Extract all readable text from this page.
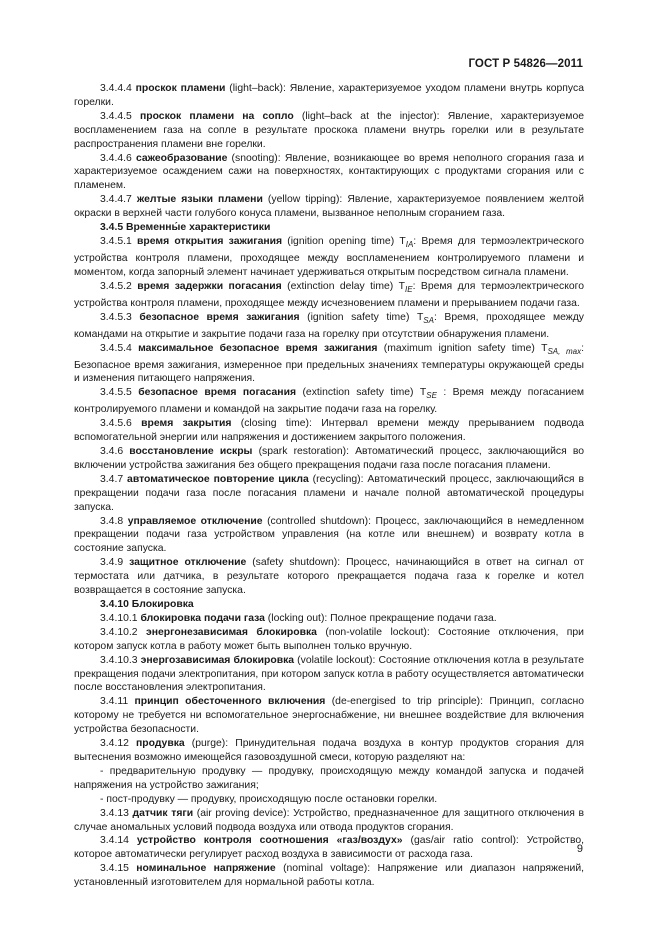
ГОСТ Р 54826—2011

3.4.4.4 проскок пламени (light–back): Явление, характеризуемое уходом пламени внутрь корпуса горелки.

3.4.4.5 проскок пламени на сопло (light–back at the injector): Явление, характеризуемое воспламенением газа на сопле в результате проскока пламени внутрь горелки или в результате распространения пламени вне горелки.

3.4.4.6 сажеобразование (snooting): Явление, возникающее во время неполного сгорания газа и характеризуемое осаждением сажи на поверхностях, контактирующих с продуктами сгорания или с пламенем.

3.4.4.7 желтые языки пламени (yellow tipping): Явление, характеризуемое появлением желтой окраски в верхней части голубого конуса пламени, вызванное неполным сгоранием газа.

3.4.5 Временны́е характеристики

3.4.5.1 время открытия зажигания (ignition opening time) $T_{IA}$: Время для термоэлектрического устройства контроля пламени, проходящее между воспламенением контролируемого пламени и моментом, когда запорный элемент начинает удерживаться открытым посредством сигнала пламени.

3.4.5.2 время задержки погасания (extinction delay time) $T_{IE}$: Время для термоэлектрического устройства контроля пламени, проходящее между исчезновением пламени и прерыванием подачи газа.

3.4.5.3 безопасное время зажигания (ignition safety time) $T_{SA}$: Время, проходящее между командами на открытие и закрытие подачи газа на горелку при отсутствии обнаружения пламени.

3.4.5.4 максимальное безопасное время зажигания (maximum ignition safety time) $T_{SA, max}$: Безопасное время зажигания, измеренное при предельных значениях температуры окружающей среды и изменения питающего напряжения.

3.4.5.5 безопасное время погасания (extinction safety time) $T_{SE}$ : Время между погасанием контролируемого пламени и командой на закрытие подачи газа на горелку.

3.4.5.6 время закрытия (closing time): Интервал времени между прерыванием подвода вспомогательной энергии или напряжения и достижением закрытого положения.

3.4.6 восстановление искры (spark restoration): Автоматический процесс, заключающийся во включении устройства зажигания без общего прекращения подачи газа после погасания пламени.

3.4.7 автоматическое повторение цикла (recycling): Автоматический процесс, заключающийся в прекращении подачи газа после погасания пламени и начале полной автоматической процедуры запуска.

3.4.8 управляемое отключение (controlled shutdown): Процесс, заключающийся в немедленном прекращении подачи газа устройством управления (на котле или внешнем) и возврату котла в состояние запуска.

3.4.9 защитное отключение (safety shutdown): Процесс, начинающийся в ответ на сигнал от термостата или датчика, в результате которого прекращается подача газа к горелке и котел возвращается в состояние запуска.

3.4.10 Блокировка

3.4.10.1 блокировка подачи газа (locking out): Полное прекращение подачи газа.

3.4.10.2 энергонезависимая блокировка (non-volatile lockout): Состояние отключения, при котором запуск котла в работу может быть выполнен только вручную.

3.4.10.3 энергозависимая блокировка (volatile lockout): Состояние отключения котла в результате прекращения подачи электропитания, при котором запуск котла в работу осуществляется автоматически после восстановления электропитания.

3.4.11 принцип обесточенного включения (de-energised to trip principle): Принцип, согласно которому не требуется ни вспомогательное энергоснабжение, ни внешнее воздействие для включения устройства безопасности.

3.4.12 продувка (purge): Принудительная подача воздуха в контур продуктов сгорания для вытеснения возможно имеющейся газовоздушной смеси, которую разделяют на:

- предварительную продувку — продувку, происходящую между командой запуска и подачей напряжения на устройство зажигания;

- пост-продувку — продувку, происходящую после остановки горелки.

3.4.13 датчик тяги (air proving device): Устройство, предназначенное для защитного отключения в случае аномальных условий подвода воздуха или отвода продуктов сгорания.

3.4.14 устройство контроля соотношения «газ/воздух» (gas/air ratio control): Устройство, которое автоматически регулирует расход воздуха в зависимости от расхода газа.

3.4.15 номинальное напряжение (nominal voltage): Напряжение или диапазон напряжений, установленный изготовителем для нормальной работы котла.

9
